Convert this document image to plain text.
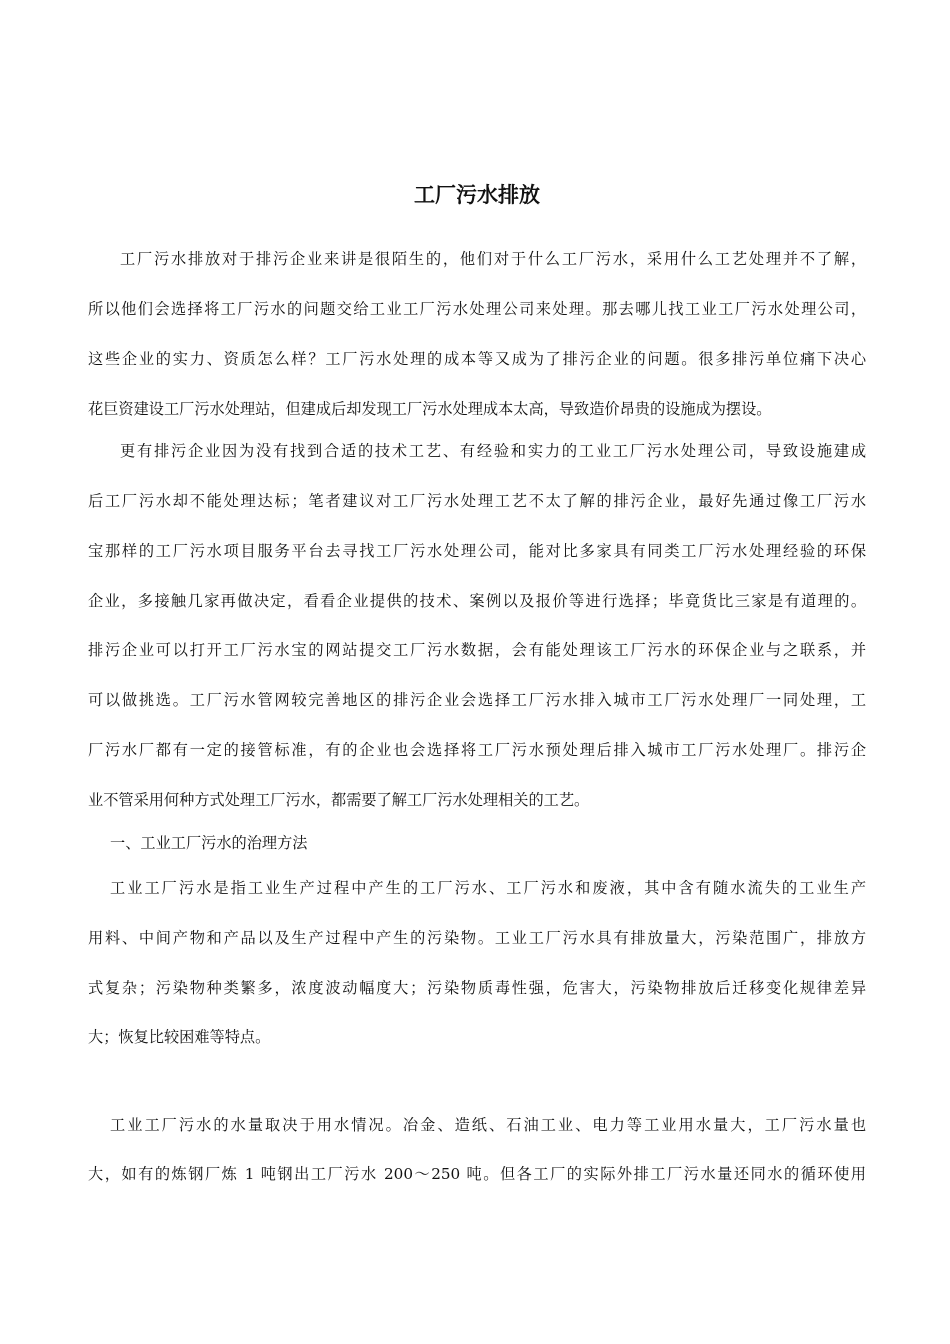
工厂污水排放
工厂污水排放对于排污企业来讲是很陌生的，他们对于什么工厂污水，采用什么工艺处理并不了解，
所以他们会选择将工厂污水的问题交给工业工厂污水处理公司来处理。那去哪儿找工业工厂污水处理公司，
这些企业的实力、资质怎么样？工厂污水处理的成本等又成为了排污企业的问题。很多排污单位痛下决心
花巨资建设工厂污水处理站，但建成后却发现工厂污水处理成本太高，导致造价昂贵的设施成为摆设。
更有排污企业因为没有找到合适的技术工艺、有经验和实力的工业工厂污水处理公司，导致设施建成
后工厂污水却不能处理达标；笔者建议对工厂污水处理工艺不太了解的排污企业，最好先通过像工厂污水
宝那样的工厂污水项目服务平台去寻找工厂污水处理公司，能对比多家具有同类工厂污水处理经验的环保
企业，多接触几家再做决定，看看企业提供的技术、案例以及报价等进行选择；毕竟货比三家是有道理的。
排污企业可以打开工厂污水宝的网站提交工厂污水数据，会有能处理该工厂污水的环保企业与之联系，并
可以做挑选。工厂污水管网较完善地区的排污企业会选择工厂污水排入城市工厂污水处理厂一同处理，工
厂污水厂都有一定的接管标准，有的企业也会选择将工厂污水预处理后排入城市工厂污水处理厂。排污企
业不管采用何种方式处理工厂污水，都需要了解工厂污水处理相关的工艺。
一、工业工厂污水的治理方法
工业工厂污水是指工业生产过程中产生的工厂污水、工厂污水和废液，其中含有随水流失的工业生产
用料、中间产物和产品以及生产过程中产生的污染物。工业工厂污水具有排放量大，污染范围广，排放方
式复杂；污染物种类繁多，浓度波动幅度大；污染物质毒性强，危害大，污染物排放后迁移变化规律差异
大；恢复比较困难等特点。
工业工厂污水的水量取决于用水情况。冶金、造纸、石油工业、电力等工业用水量大，工厂污水量也
大，如有的炼钢厂炼 1 吨钢出工厂污水 200～250 吨。但各工厂的实际外排工厂污水量还同水的循环使用
